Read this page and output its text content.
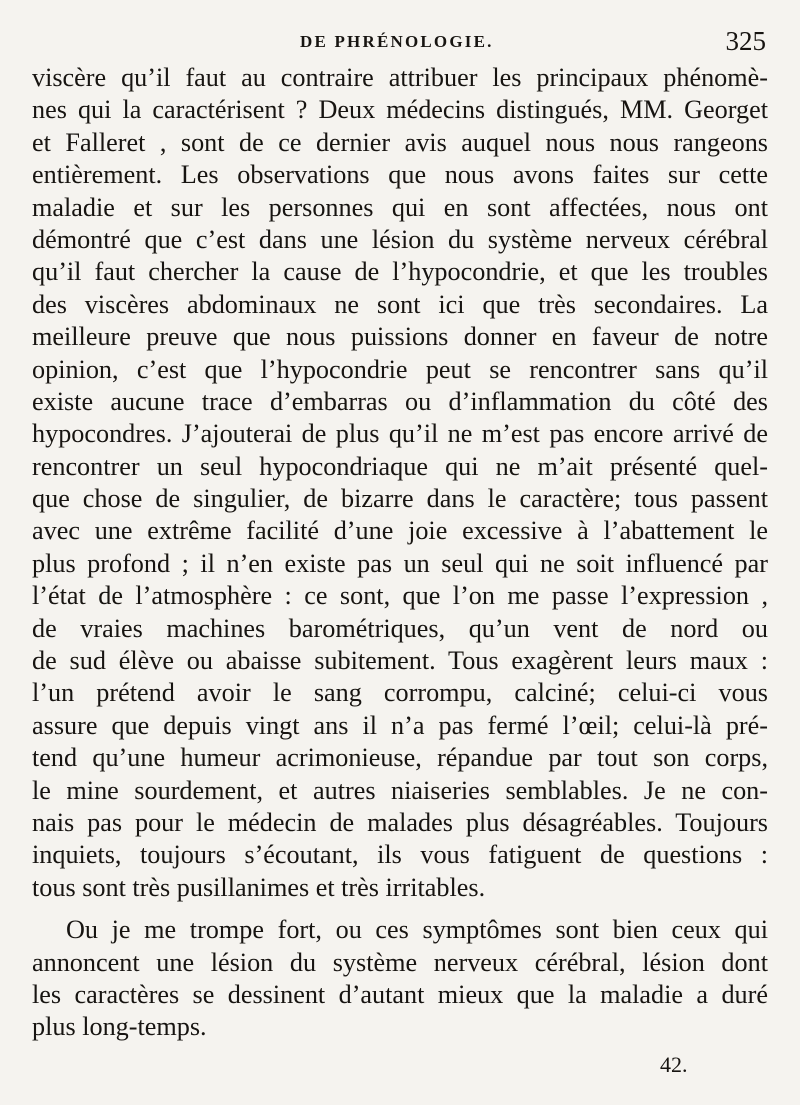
DE PHRÉNOLOGIE.	325
viscère qu’il faut au contraire attribuer les principaux phénomè-
nes qui la caractérisent ? Deux médecins distingués, MM. Georget
et Falleret , sont de ce dernier avis auquel nous nous rangeons
entièrement. Les observations que nous avons faites sur cette
maladie et sur les personnes qui en sont affectées, nous ont
démontré que c’est dans une lésion du système nerveux cérébral
qu’il faut chercher la cause de l’hypocondrie, et que les troubles
des viscères abdominaux ne sont ici que très secondaires. La
meilleure preuve que nous puissions donner en faveur de notre
opinion, c’est que l’hypocondrie peut se rencontrer sans qu’il
existe aucune trace d’embarras ou d’inflammation du côté des
hypocondres. J’ajouterai de plus qu’il ne m’est pas encore arrivé de
rencontrer un seul hypocondriaque qui ne m’ait présenté quel-
que chose de singulier, de bizarre dans le caractère; tous passent
avec une extrême facilité d’une joie excessive à l’abattement le
plus profond ; il n’en existe pas un seul qui ne soit influencé par
l’état de l’atmosphère : ce sont, que l’on me passe l’expression ,
de vraies machines barométriques, qu’un vent de nord ou
de sud élève ou abaisse subitement. Tous exagèrent leurs maux :
l’un prétend avoir le sang corrompu, calciné; celui-ci vous
assure que depuis vingt ans il n’a pas fermé l’œil; celui-là pré-
tend qu’une humeur acrimonieuse, répandue par tout son corps,
le mine sourdement, et autres niaiseries semblables. Je ne con-
nais pas pour le médecin de malades plus désagréables. Toujours
inquiets, toujours s’écoutant, ils vous fatiguent de questions :
tous sont très pusillanimes et très irritables.
Ou je me trompe fort, ou ces symptômes sont bien ceux qui
annoncent une lésion du système nerveux cérébral, lésion dont
les caractères se dessinent d’autant mieux que la maladie a duré
plus long-temps.
42.
